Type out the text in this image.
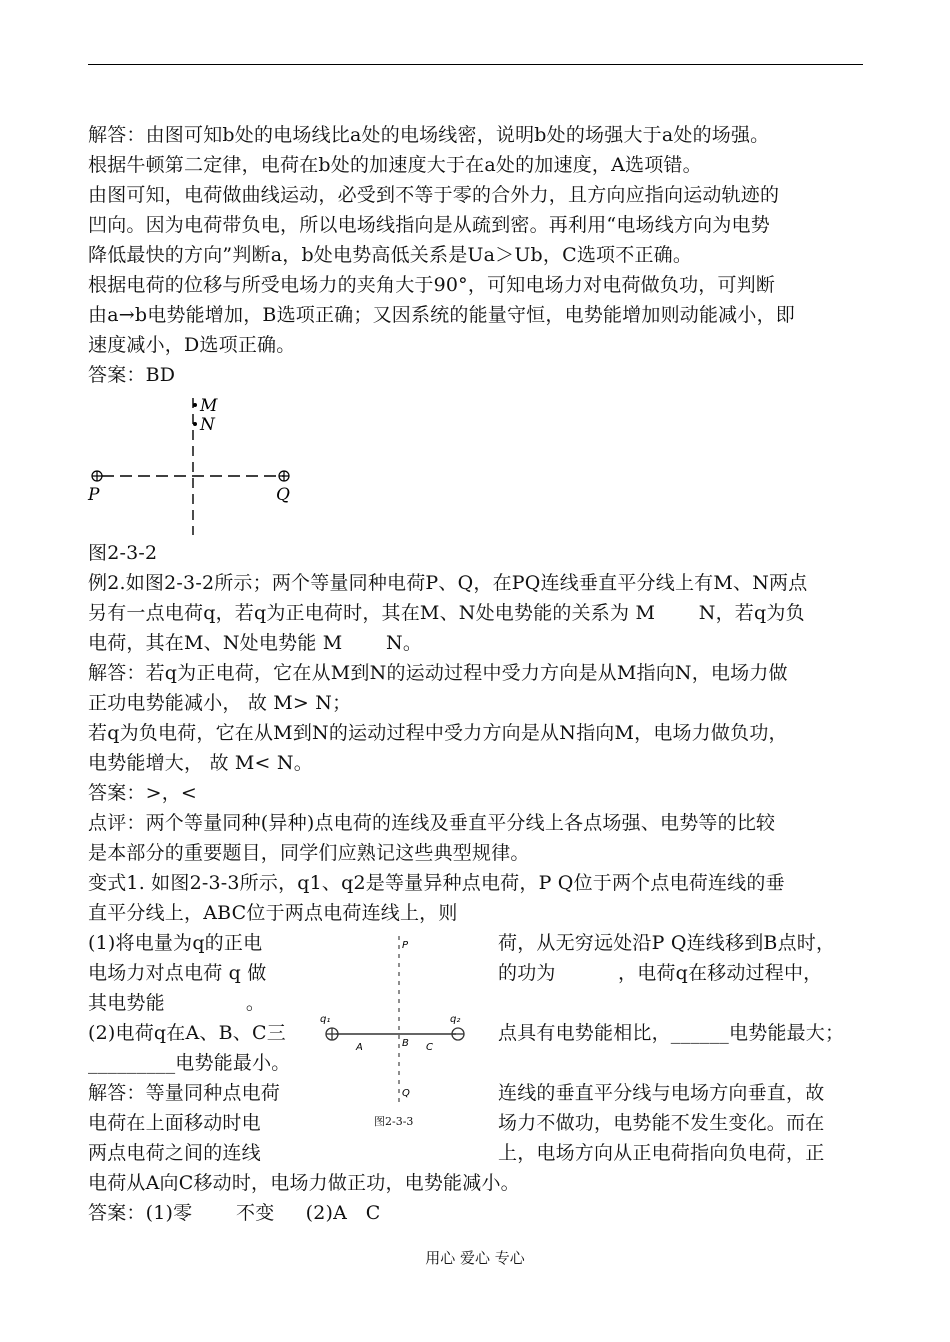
解答：由图可知b处的电场线比a处的电场线密，说明b处的场强大于a处的场强。
根据牛顿第二定律，电荷在b处的加速度大于在a处的加速度，A选项错。
由图可知，电荷做曲线运动，必受到不等于零的合外力，且方向应指向运动轨迹的
凹向。因为电荷带负电，所以电场线指向是从疏到密。再利用“电场线方向为电势
降低最快的方向”判断a，b处电势高低关系是Ua＞Ub，C选项不正确。
根据电荷的位移与所受电场力的夹角大于90°，可知电场力对电荷做负功，可判断
由a→b电势能增加，B选项正确；又因系统的能量守恒，电势能增加则动能减小，即
速度减小，D选项正确。
答案：BD
M
N
P	Q
图2-3-2
例2.如图2-3-2所示；两个等量同种电荷P、Q，在PQ连线垂直平分线上有M、N两点
另有一点电荷q，若q为正电荷时，其在M、N处电势能的关系为 M       N，若q为负
电荷，其在M、N处电势能 M       N。
解答：若q为正电荷，它在从M到N的运动过程中受力方向是从M指向N，电场力做
正功电势能减小， 故 M> N；
若q为负电荷，它在从M到N的运动过程中受力方向是从N指向M，电场力做负功，
电势能增大， 故 M< N。
答案：>，<
点评：两个等量同种(异种)点电荷的连线及垂直平分线上各点场强、电势等的比较
是本部分的重要题目，同学们应熟记这些典型规律。
变式1. 如图2-3-3所示，q1、q2是等量异种点电荷，P Q位于两个点电荷连线的垂
直平分线上，ABC位于两点电荷连线上，则
(1)将电量为q的正电
电场力对点电荷 q 做
其电势能             。
(2)电荷q在A、B、C三
_________电势能最小。
解答：等量同种点电荷
电荷在上面移动时电
两点电荷之间的连线
荷，从无穷远处沿P Q连线移到B点时，
的功为          ，电荷q在移动过程中，
点具有电势能相比，______电势能最大；
连线的垂直平分线与电场方向垂直，故
场力不做功，电势能不发生变化。而在
上，电场方向从正电荷指向负电荷，正
P
Q
q₁	q₂
A	B C
图2-3-3
电荷从A向C移动时，电场力做正功，电势能减小。
答案：(1)零       不变     (2)A   C
用心 爱心 专心
